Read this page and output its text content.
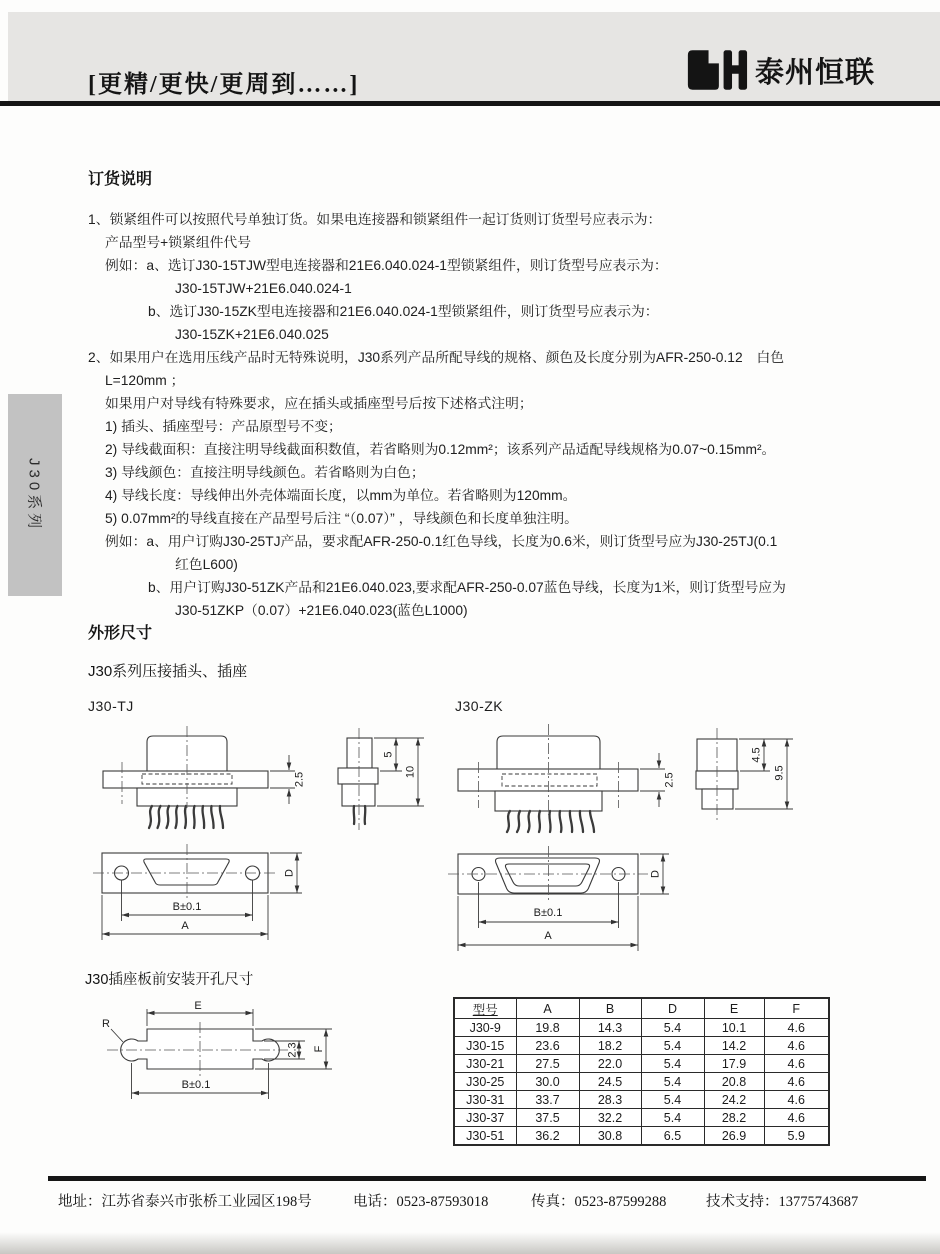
[更精/更快/更周到……]	泰州恒联
J30系列
订货说明
1、锁紧组件可以按照代号单独订货。如果电连接器和锁紧组件一起订货则订货型号应表示为：
产品型号+锁紧组件代号
例如：a、选订J30-15TJW型电连接器和21E6.040.024-1型锁紧组件，则订货型号应表示为：
J30-15TJW+21E6.040.024-1
b、选订J30-15ZK型电连接器和21E6.040.024-1型锁紧组件，则订货型号应表示为：
J30-15ZK+21E6.040.025
2、如果用户在选用压线产品时无特殊说明，J30系列产品所配导线的规格、颜色及长度分别为AFR-250-0.12　白色
L=120mm ；
如果用户对导线有特殊要求，应在插头或插座型号后按下述格式注明；
1) 插头、插座型号：产品原型号不变；
2) 导线截面积：直接注明导线截面积数值，若省略则为0.12mm²；该系列产品适配导线规格为0.07~0.15mm²。
3) 导线颜色：直接注明导线颜色。若省略则为白色；
4) 导线长度：导线伸出外壳体端面长度，以mm为单位。若省略则为120mm。
5) 0.07mm²的导线直接在产品型号后注 “（0.07）” ，导线颜色和长度单独注明。
例如：a、用户订购J30-25TJ产品，要求配AFR-250-0.1红色导线，长度为0.6米，则订货型号应为J30-25TJ(0.1
红色L600)
b、用户订购J30-51ZK产品和21E6.040.023,要求配AFR-250-0.07蓝色导线，长度为1米，则订货型号应为
J30-51ZKP（0.07）+21E6.040.023(蓝色L1000)
外形尺寸
J30系列压接插头、插座
J30-TJ	J30-ZK
2.5
5
10
D
B±0.1
A
2.5
4.5
9.5
D
B±0.1
A
J30插座板前安装开孔尺寸
E
R
2.3 F
B±0.1
型号	A	B	D	E	F
J30-9	19.8	14.3	5.4	10.1	4.6
J30-15	23.6	18.2	5.4	14.2	4.6
J30-21	27.5	22.0	5.4	17.9	4.6
J30-25	30.0	24.5	5.4	20.8	4.6
J30-31	33.7	28.3	5.4	24.2	4.6
J30-37	37.5	32.2	5.4	28.2	4.6
J30-51	36.2	30.8	6.5	26.9	5.9
地址：江苏省泰兴市张桥工业园区198号	电话：0523-87593018	传真：0523-87599288	技术支持：13775743687
